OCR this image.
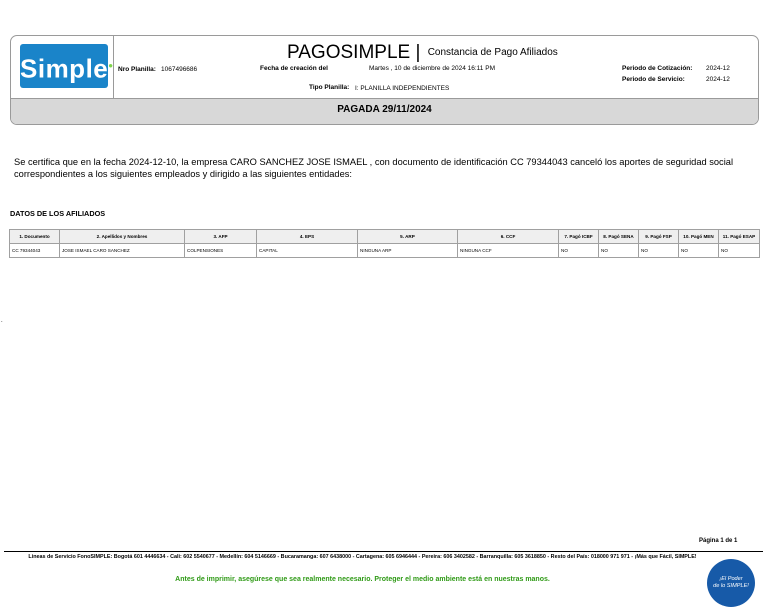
Simple●
PAGOSIMPLE | Constancia de Pago Afiliados
Nro Planilla: 1067496686	Fecha de creación del	Martes , 10 de diciembre de 2024 16:11 PM
Tipo Planilla: I: PLANILLA INDEPENDIENTES
Periodo de Cotización: 2024-12
Periodo de Servicio:	2024-12
PAGADA 29/11/2024
Se certifica que en la fecha 2024-12-10, la empresa CARO SANCHEZ JOSE ISMAEL , con documento de identificación CC 79344043 canceló los aportes de seguridad social correspondientes a los siguientes empleados y dirigido a las siguientes entidades:
DATOS DE LOS AFILIADOS
1. Documento	2. Apellidos y Nombres	3. AFP	4. EPS	5. ARP	6. CCF	7. Pagó ICBF	8. Pagó SENA	9. Pagó FSP	10. Pagó MEN	11. Pagó ESAP
CC 79344043	JOSE ISMAEL CARO SANCHEZ	COLPENSIONES	CAPITAL	NINGUNA ARP	NINGUNA CCF	NO	NO	NO	NO	NO
.
Página 1 de 1
Lineas de Servicio FonoSIMPLE: Bogotá 601 4446634 - Cali: 602 5540677 - Medellín: 604 5146669 - Bucaramanga: 607 6438000 - Cartagena: 605 6946444 - Pereira: 606 3402582 - Barranquilla: 605 3618850 - Resto del País: 018000 971 971 - ¡Más que Fácil, SIMPLE!
Antes de imprimir, asegúrese que sea realmente necesario. Proteger el medio ambiente está en nuestras manos.	¡El Poder
de lo SIMPLE!
